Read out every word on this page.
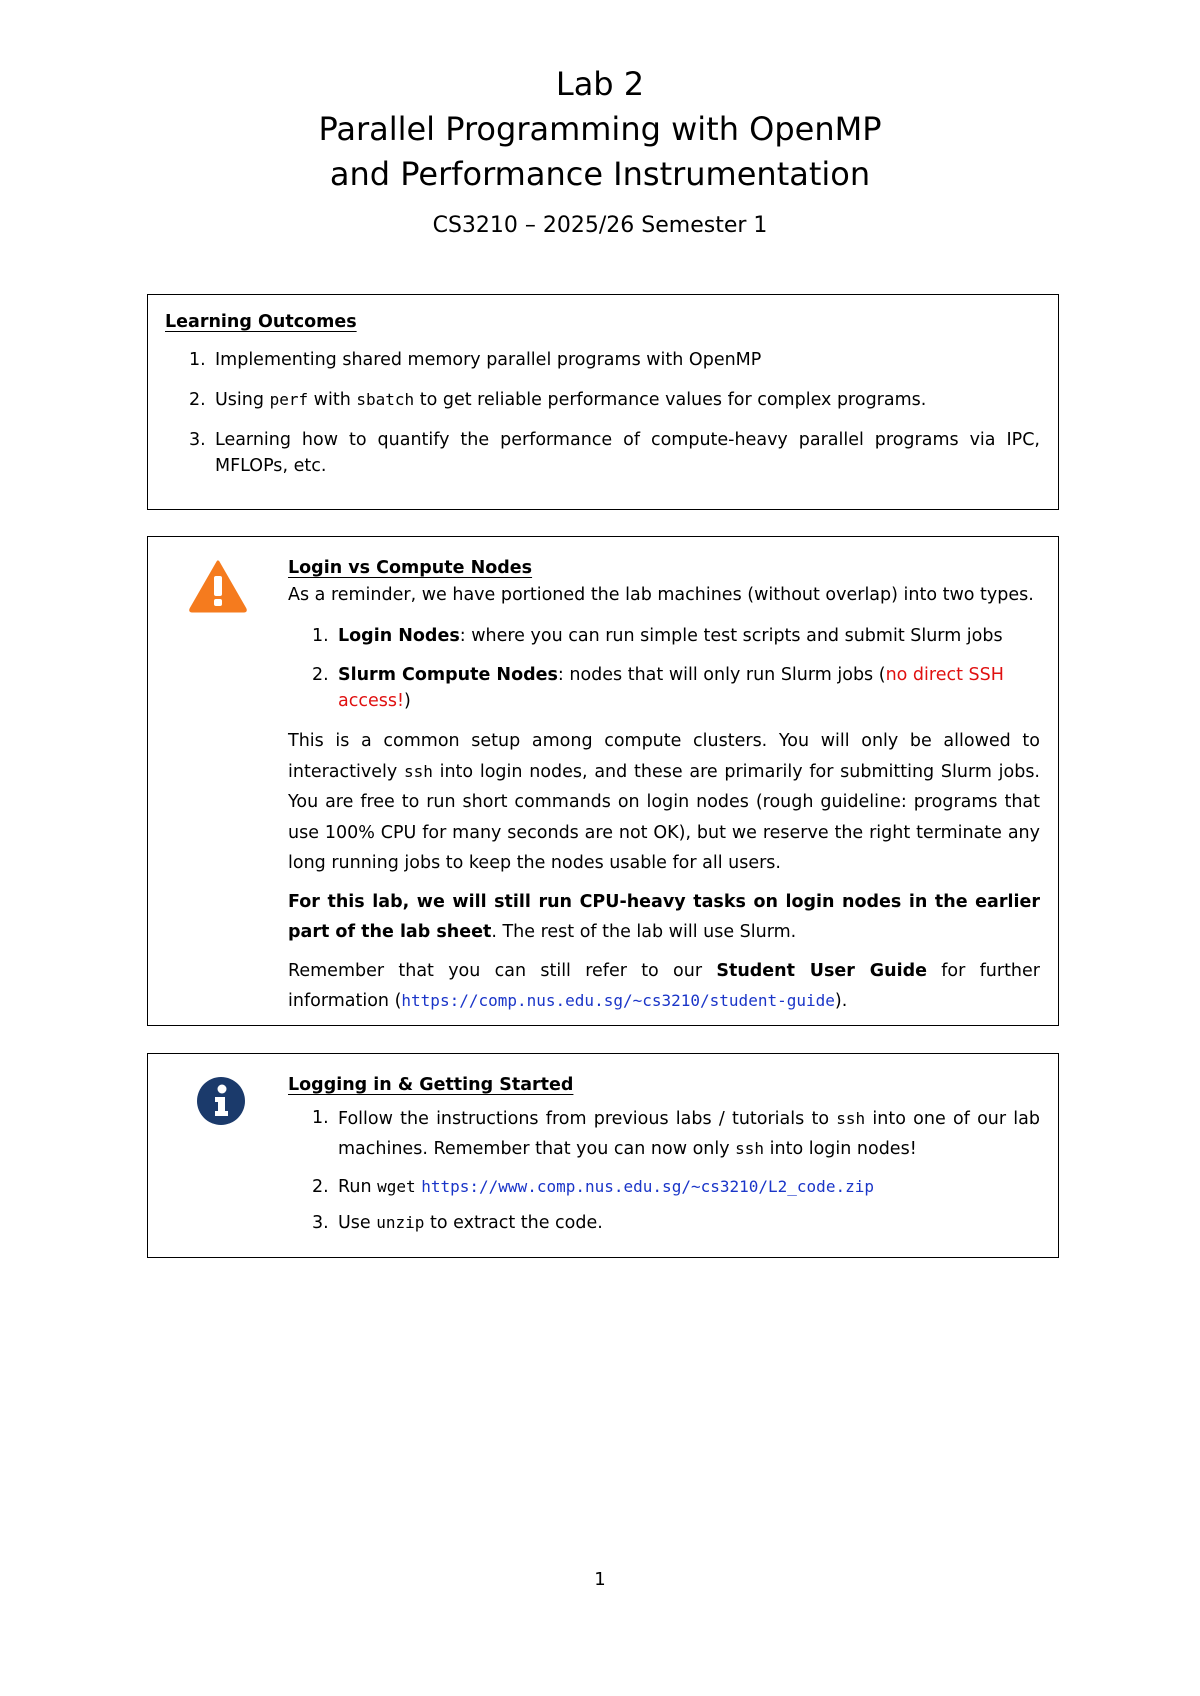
Lab 2
Parallel Programming with OpenMP
and Performance Instrumentation
CS3210 – 2025/26 Semester 1
Learning Outcomes
1. Implementing shared memory parallel programs with OpenMP
2. Using perf with sbatch to get reliable performance values for complex programs.
3. Learning how to quantify the performance of compute-heavy parallel programs via IPC, MFLOPs, etc.
Login vs Compute Nodes
As a reminder, we have portioned the lab machines (without overlap) into two types.
1. Login Nodes: where you can run simple test scripts and submit Slurm jobs
2. Slurm Compute Nodes: nodes that will only run Slurm jobs (no direct SSH access!)

This is a common setup among compute clusters. You will only be allowed to interactively ssh into login nodes, and these are primarily for submitting Slurm jobs. You are free to run short commands on login nodes (rough guideline: programs that use 100% CPU for many seconds are not OK), but we reserve the right terminate any long running jobs to keep the nodes usable for all users.

For this lab, we will still run CPU-heavy tasks on login nodes in the earlier part of the lab sheet. The rest of the lab will use Slurm.

Remember that you can still refer to our Student User Guide for further information (https://comp.nus.edu.sg/~cs3210/student-guide).

Logging in & Getting Started
1. Follow the instructions from previous labs / tutorials to ssh into one of our lab machines. Remember that you can now only ssh into login nodes!
2. Run wget https://www.comp.nus.edu.sg/~cs3210/L2_code.zip
3. Use unzip to extract the code.
1
